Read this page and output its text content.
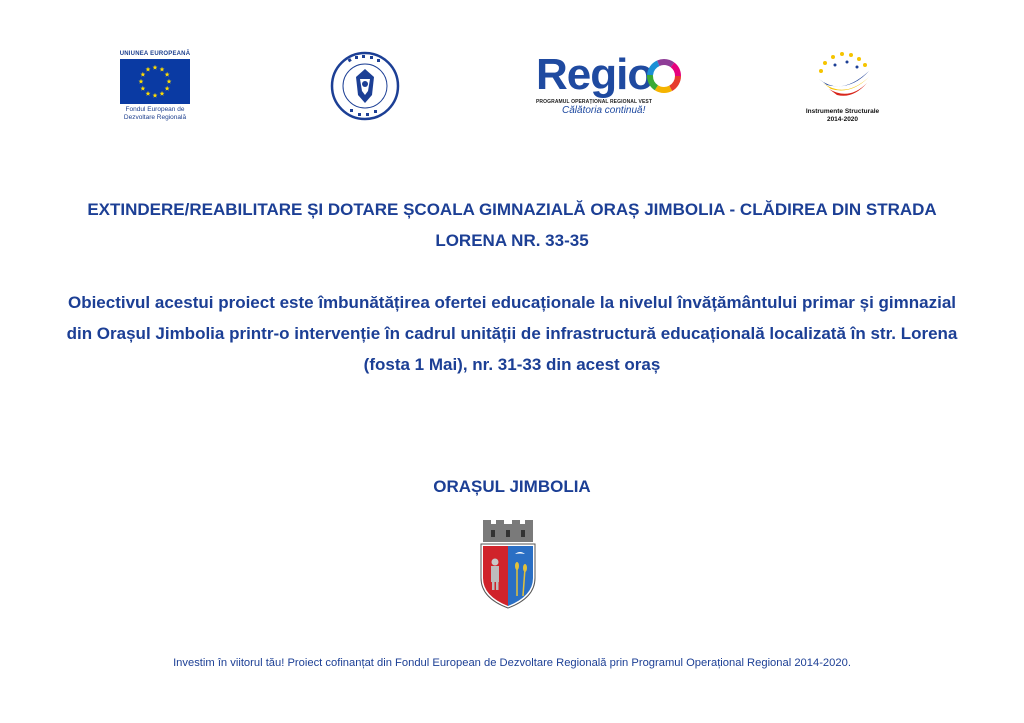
UNIUNEA EUROPEANĂ
Fondul European de
Dezvoltare Regională
Regio
PROGRAMUL OPERAȚIONAL REGIONAL VEST
Călătoria continuă!	Instrumente Structurale
2014-2020
EXTINDERE/REABILITARE ȘI DOTARE ȘCOALA GIMNAZIALĂ ORAȘ JIMBOLIA - CLĂDIREA DIN STRADA LORENA NR. 33-35
Obiectivul acestui proiect este îmbunătățirea ofertei educaționale la nivelul învățământului primar și gimnazial din Orașul Jimbolia printr-o intervenție în cadrul unității de infrastructură educațională localizată în str. Lorena (fosta 1 Mai), nr. 31-33 din acest oraș
ORAȘUL JIMBOLIA
Investim în viitorul tău! Proiect cofinanțat din Fondul European de Dezvoltare Regională prin Programul Operațional Regional 2014-2020.
